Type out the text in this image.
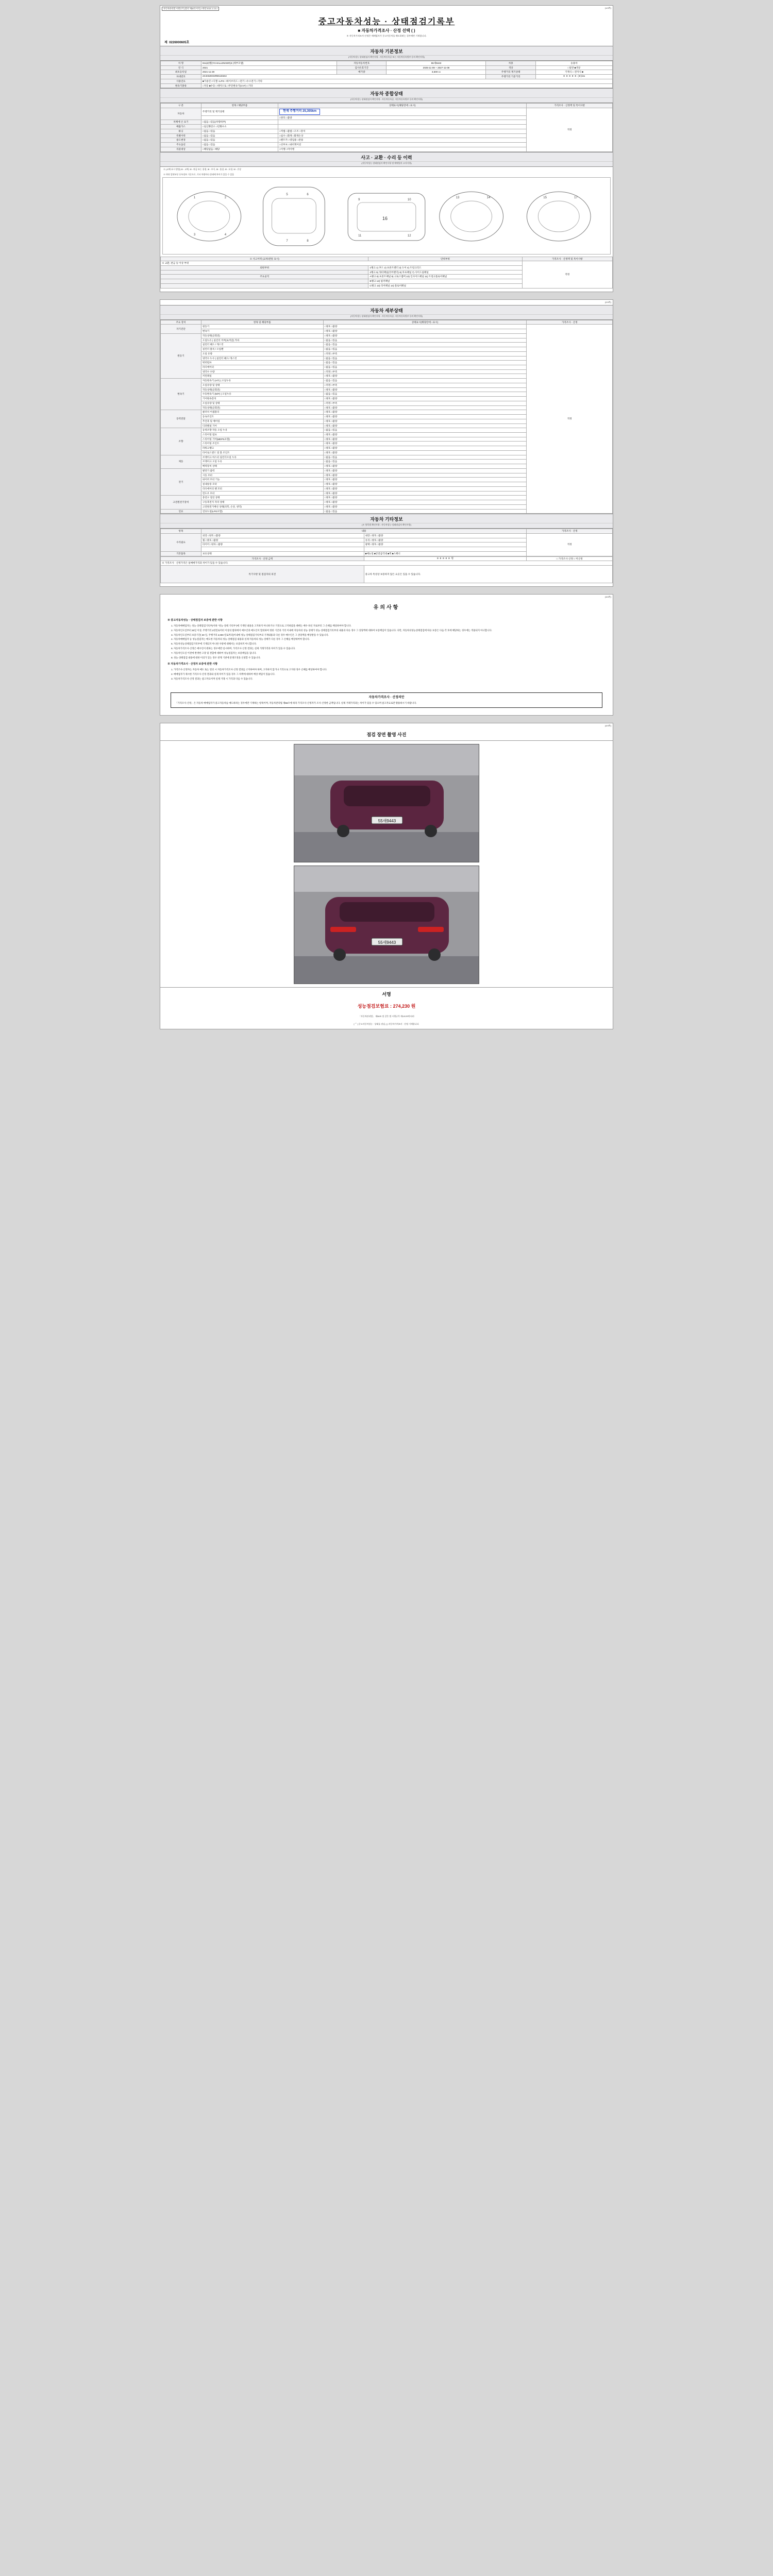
자동차관리법 시행규칙 [별지 제82호서식] <개정 2021.1.13.>	(1/4쪽)
중고자동차성능 · 상태점검기록부
■ 자동차가격조사 · 산정 선택 ( )
※ 자동차가격조사·산정은 매매업자가 중고자동차를 매도하려는 경우에만 기재합니다.
제 0226000605호
자동차 기본정보
(자동차성능·상태점검자 확인사항 : 자동차등록증 또는 자동차등록원부 등의 확인사항)
차 명	911(Z)벨(YCHALLENGER)3 (세부모델)	자동차등록번호	55새9443	차종	승용차
연 식	2021	검사유효기간	2025-11-09 ~ 2027-11-08	색상	□일반 ■색상
최초등록일	2021-11-29	배기량	3,600 cc	주행거리 계기상태	기계식 □ 전자식 ■
차대번호	2C3CDZC04MH515563			주행거리 기준거리	0 0 0 0 0 (0)km
사용연료	■가솔린 □디젤 □LPG □하이브리드 □전기 □수소전기 □기타				
변속기종류	□자동 ■수동 □세미오토 □무단변속기(CVT) □기타				
자동차 종합상태
(자동차성능·상태점검자 확인사항 : 자동차등록증, 자동차등록원부 등의 확인사항)
구 분	항목 / 해당부품	상태표시(해당란에 ○표시)	가격조사 · 산정액 및 특이사항
자동차	주행거리 및 계기상태	현재 주행거리 25,355km	적정
		□양호 □불량	
차체에 손 표기	□없음 □있음(차량하부)		
배출가스	□일산화탄소 □탄화수소		
튜닝	□없음 □있음	□적법 □불법 □구조 □장치	
특별이력	□없음 □있음	□침수 □화재 □화재손상	
용도변경	□없음 □있음	□렌트카 □영업용 □관용	
주요옵션	□없음 □있음	□선루프 □내비게이션	
리콜대상	□해당없음 □해당	□이행 □미이행	
사고 · 교환 · 수리 등 이력
(자동차성능·상태점검자 확인사항 및 매매업자 고지사항)
※ (교체 표시 방법) ☒ : 교체, ☒ : 판금 또는 용접, ☒ : 부식, ☒ : 흠집, ☒ : 요철, ☒ : 손상
※ 하단 앞면부분 등록정보 기준으로, 기타 차량마다 상태에 차이가 있을 수 있음
16
1	2
3	4
5	6
7	8
9	10
11	12
13	14	15	17
※ 사고이력 (교차/관통 표시)	단위부위	가격조사 · 산정액 및 특이사항
※ 교환, 판금 등 이상 부위		적정
외판부위	1랭크 1) 후드 2) 프론트펜더 3) 도어 4) 트렁크리드	
	2랭크 5) 쿼터패널(리어펜더) 6) 루프패널 7) 사이드실패널	
주요골격	A랭크 8) 프론트패널 9) 크로스멤버 10) 인사이드패널 11) 트렁크플로어패널	
	B랭크 12) 필러패널	
	C랭크 13) 리어패널 14) 플로어패널	
(2/4쪽)
자동차 세부상태
(자동차성능·상태점검자 확인사항 : 자동차등록증, 자동차등록원부 등의 확인사항)
주요 장치	항목 및 해당부품	상태표시(해당란에 ○표시)	가격조사 · 산정
자기진단	원동기	□양호 □불량	적정
	변속기	□양호 □불량	
원동기	작동상태(공회전)	□양호 □불량	
	오일누유 | 실린더 커버(로커암) 카바	□없음 □있음	
	실린더 헤드 / 개스킷	□없음 □있음	
	실린더 블록 / 오일팬	□없음 □있음	
	오일 유량	□적정 □부족	
	냉각수 누수 | 실린더 헤드/ 개스킷	□없음 □있음	
	워터펌프	□없음 □있음	
	라디에이터	□없음 □있음	
	냉각수 수량	□적정 □부족	
	커먼레일	□양호 □불량	
변속기	자동변속기 (A/T) | 오일누유	□없음 □있음	
	오일유량 및 상태	□적정 □부족	
	작동상태(공회전)	□양호 □불량	
	수동변속기 (M/T) | 오일누유	□없음 □있음	
	기어변속장치	□양호 □불량	
	오일유량 및 상태	□적정 □부족	
	작동상태(공회전)	□양호 □불량	
동력전달	클러치 어셈블리	□양호 □불량	
	등속조인트	□양호 □불량	
	추진축 및 베어링	□양호 □불량	
	디퍼렌셜 기어	□양호 □불량	
조향	동력조향 작동 오일 누유	□없음 □있음	
	스티어링 펌프	□양호 □불량	
	스티어링 기어(MDPS포함)	□양호 □불량	
	스티어링 조인트	□양호 □불량	
	파워크랭크	□양호 □불량	
	타이로드엔드 및 볼 조인트	□양호 □불량	
제동	브레이크 마스터 실린더오일 누유	□없음 □있음	
	브레이크 오일 누유	□없음 □있음	
	배력장치 상태	□양호 □불량	
전기	발전기 출력	□양호 □불량	
	시동 모터	□양호 □불량	
	와이퍼 모터 기능	□양호 □불량	
	실내송풍 모터	□양호 □불량	
	라디에이터 팬 모터	□양호 □불량	
	윈도우 모터	□양호 □불량	
고전원전기장치	충전구 절연 상태	□양호 □불량	
	구동축전지 격리 상태	□양호 □불량	
	고전원전기배선 상태(피복, 손상, 냉각)	□양호 □불량	
연료	연료누설(LPG포함)	□없음 □있음	
자동차 기타정보
(※ 항목별 확인사항 : 자동차성능·상태점검자 확인사항)
항목	내용		가격조사 · 산정
수리필요	외장 □양호 □불량	내장 □양호 □불량	적정
	휠 □양호 □불량	유리 □양호 □불량	
	타이어 □양호 □불량	광택 □양호 □불량	

기본품목	보유상태	■매뉴얼 ■안전삼각대 ■잭 ■스패너	
가격조사 · 산정 금액	0 0 0 0 0 원	□ 가격조사·산정 □ 미산정
※ 가격조사 · 산정가격은 실매매가격과 차이가 있을 수 있습니다.		
특기사항 및 점검자의 의견	중고차 특성상 보증하지 않은 요곳은 있을 수 있습니다.	
(3/4쪽)
유의사항
※ 중고자동차성능 · 상태점검자 보증에 관한 사항
1. 자동차매매업자는 성능·상태점검기록부(이하 "성능·상태 기록부")에 기재된 내용을 고지하지 아니하거나 거짓으로 고지하였을 때에는 매수 하신 자로부터 그 손해를 배상하여야 합니다.
2. 자동차인도일부터 30일 이상, 주행거리 2천킬로미터 이상의 범위에서 매수인과 매도인이 합의하여 정한 기간과 거리 이내에 자동차의 성능·상태가 성능·상태점검기록부의 내용과 다른 경우 그 상당액에 대하여 보증책임이 있습니다. 다만, 자동차의성능상태점검에 따른 보증은 다음 각 호에 해당하는 경우에는 적용되지 아니합니다.
3. 자동차인도일부터 보증기간( 30 일, 주행거리 2,000 킬로미터)이내에 성능·상태점검기록부의 기재내용과 다른 경우 매수인은 그 상당액을 배상받을 수 있습니다.
4. 자동차매매업자 등 성능점검자는 매도한 자동차의 성능·상태점검 내용과 실제 자동차의 성능·상태가 다른 경우 그 손해를 배상하여야 합니다.
5. 자동차성능상태점검기록부에 기재되지 아니한 사항에 대해서는 보증하지 아니합니다.
6. 자동차가격조사·산정은 매수인이 원하는 경우에만 실시하며, 가격조사·산정 결과는 실제 거래가격과 차이가 있을 수 있습니다.
7. 자동차인도일 이전에 발생한 고장 및 결함에 대하여 성능점검자는 보증책임을 집니다.
8. 성능·상태점검 내용에 대한 이의가 있는 경우 관계 기관에 분쟁조정을 신청할 수 있습니다.
※ 자동차가격조사 · 산정자 보증에 관한 사항
1. 가격조사·산정자는 자동차 매도 또는 알선 시 자동차가격조사·산정 결과를 고지하여야 하며, 고지하지 않거나 거짓으로 고지한 경우 손해를 배상하여야 합니다.
2. 매매업자가 제시한 가격조사·산정 결과와 실제 차이가 있을 경우 그 차액에 대하여 배상 책임이 있습니다.
3. 자동차가격조사·산정 결과는 참고자료이며 실제 거래 시 가격과 다를 수 있습니다.
자동차가격조사 · 산정의안
「가격조사·산정」은 자동차 매매업자가 중고자동차를 매도하려는 경우에만 기재하는 항목이며, 자동차관리법 제58조에 따라 가격조사·산정자가 조사·산정한 금액입니다. 실제 거래가격과는 차이가 있을 수 있으며 참고자료로만 활용하시기 바랍니다.
(4/4쪽)
점검 장면 촬영 사진
55새9443
55새9443
서명
성능점검보험료 : 274,230 원
「자동차관리법」 제58조 및 같은 법 시행규칙 제120조에 따라
[ ᄃ ] 중고자동차성능 · 상태를 점검, [ ] 자동차가격조사 · 산정 기재합니다.
